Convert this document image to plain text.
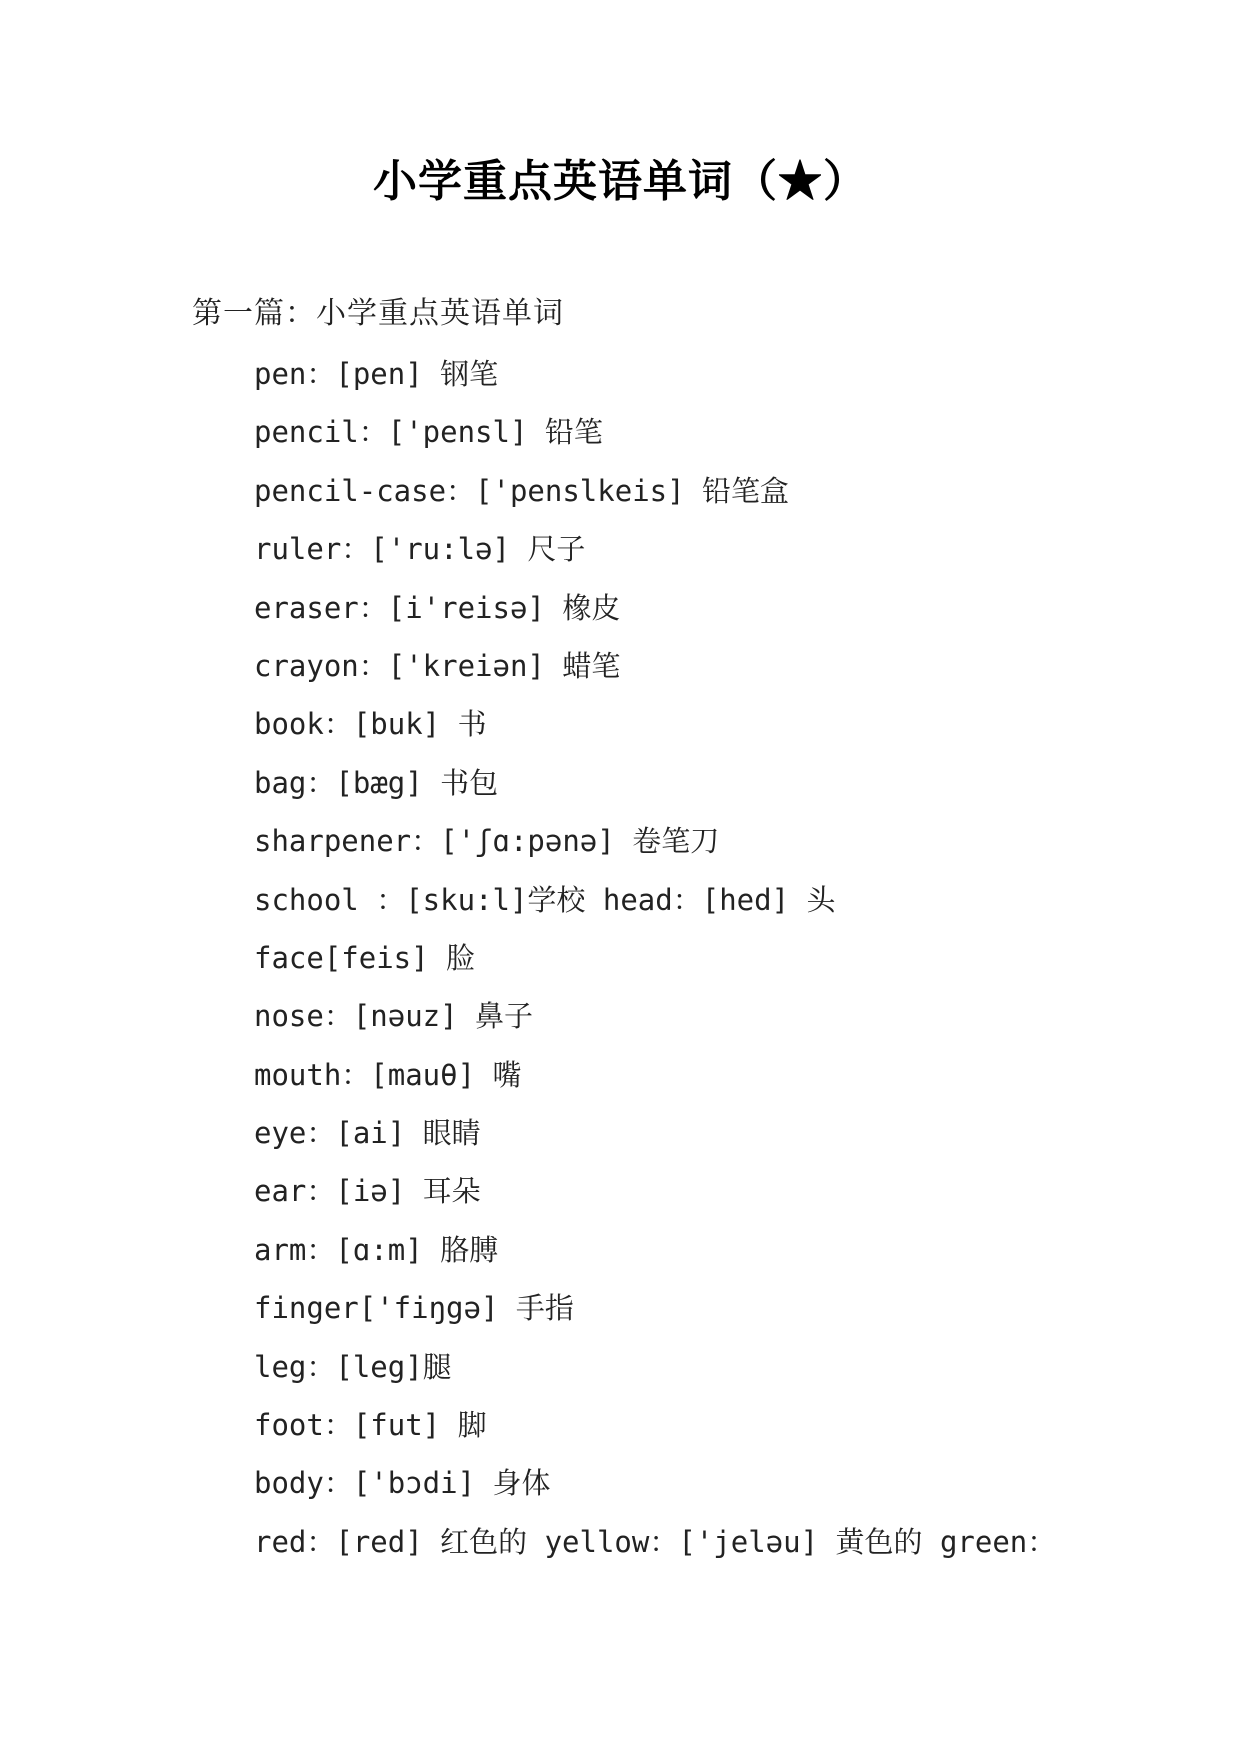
小学重点英语单词（★）
第一篇：小学重点英语单词
pen：[pen] 钢笔
pencil：['pensl] 铅笔
pencil-case：['penslkeis] 铅笔盒
ruler：['ru:lə] 尺子
eraser：[i'reisə] 橡皮
crayon：['kreiən] 蜡笔
book：[buk] 书
bag：[bæg] 书包
sharpener：['ʃɑ:pənə] 卷笔刀
school ：[sku:l]学校 head：[hed] 头
face[feis] 脸
nose：[nəuz] 鼻子
mouth：[mauθ] 嘴
eye：[ai] 眼睛
ear：[iə] 耳朵
arm：[ɑ:m] 胳膊
finger['fiŋgə] 手指
leg：[leg]腿
foot：[fut] 脚
body：['bɔdi] 身体
red：[red] 红色的 yellow：['jeləu] 黄色的 green：
